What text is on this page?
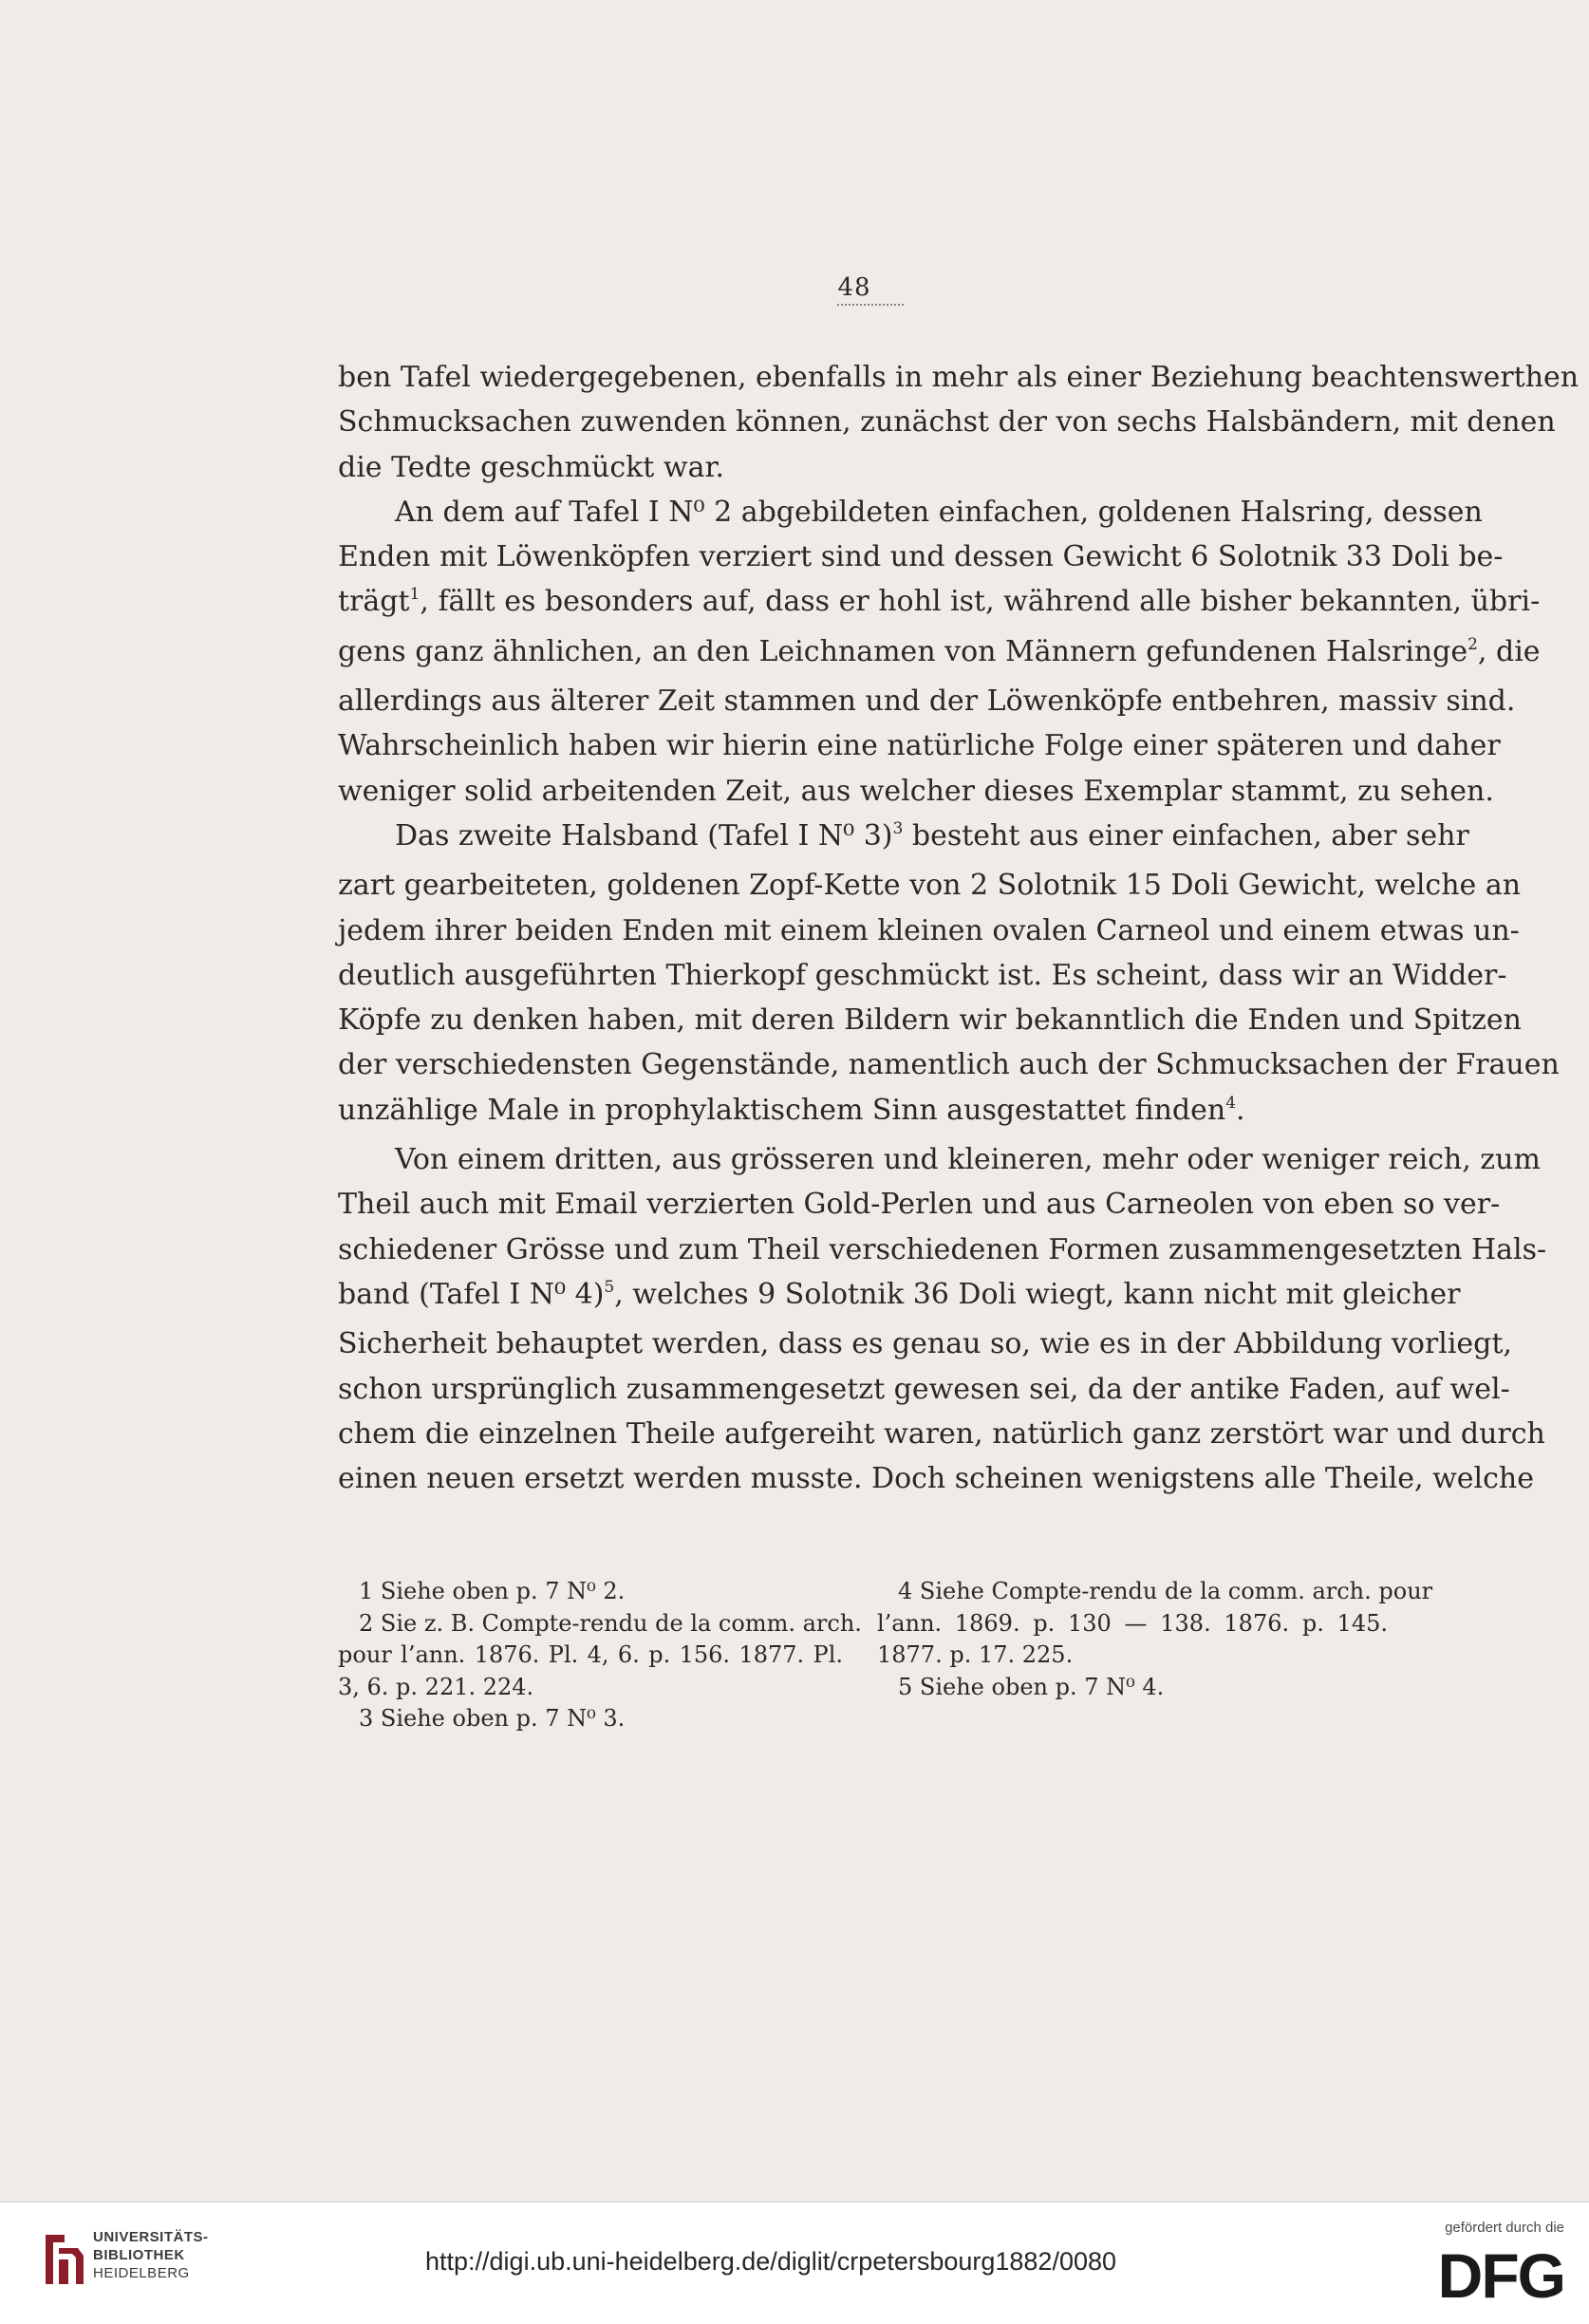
48
ben Tafel wiedergegebenen, ebenfalls in mehr als einer Beziehung beachtenswerthen
Schmucksachen zuwenden können, zunächst der von sechs Halsbändern, mit denen
die Tedte geschmückt war.
An dem auf Tafel I N⁰ 2 abgebildeten einfachen, goldenen Halsring, dessen
Enden mit Löwenköpfen verziert sind und dessen Gewicht 6 Solotnik 33 Doli be-
trägt$^1$, fällt es besonders auf, dass er hohl ist, während alle bisher bekannten, übri-
gens ganz ähnlichen, an den Leichnamen von Männern gefundenen Halsringe$^2$, die
allerdings aus älterer Zeit stammen und der Löwenköpfe entbehren, massiv sind.
Wahrscheinlich haben wir hierin eine natürliche Folge einer späteren und daher
weniger solid arbeitenden Zeit, aus welcher dieses Exemplar stammt, zu sehen.
Das zweite Halsband (Tafel I N⁰ 3)$^3$ besteht aus einer einfachen, aber sehr
zart gearbeiteten, goldenen Zopf-Kette von 2 Solotnik 15 Doli Gewicht, welche an
jedem ihrer beiden Enden mit einem kleinen ovalen Carneol und einem etwas un-
deutlich ausgeführten Thierkopf geschmückt ist. Es scheint, dass wir an Widder-
Köpfe zu denken haben, mit deren Bildern wir bekanntlich die Enden und Spitzen
der verschiedensten Gegenstände, namentlich auch der Schmucksachen der Frauen
unzählige Male in prophylaktischem Sinn ausgestattet finden$^4$.
Von einem dritten, aus grösseren und kleineren, mehr oder weniger reich, zum
Theil auch mit Email verzierten Gold-Perlen und aus Carneolen von eben so ver-
schiedener Grösse und zum Theil verschiedenen Formen zusammengesetzten Hals-
band (Tafel I N⁰ 4)$^5$, welches 9 Solotnik 36 Doli wiegt, kann nicht mit gleicher
Sicherheit behauptet werden, dass es genau so, wie es in der Abbildung vorliegt,
schon ursprünglich zusammengesetzt gewesen sei, da der antike Faden, auf wel-
chem die einzelnen Theile aufgereiht waren, natürlich ganz zerstört war und durch
einen neuen ersetzt werden musste. Doch scheinen wenigstens alle Theile, welche
1 Siehe oben p. 7 N⁰ 2.
2 Sie z. B. Compte-rendu de la comm. arch.
pour l’ann. 1876. Pl. 4, 6. p. 156. 1877. Pl.
3, 6. p. 221. 224.
3 Siehe oben p. 7 N⁰ 3.
4 Siehe Compte-rendu de la comm. arch. pour
l’ann. 1869. p. 130 — 138. 1876. p. 145.
1877. p. 17. 225.
5 Siehe oben p. 7 N⁰ 4.
UNIVERSITÄTS-
BIBLIOTHEK
HEIDELBERG	http://digi.ub.uni-heidelberg.de/diglit/crpetersbourg1882/0080
gefördert durch die
DFG
